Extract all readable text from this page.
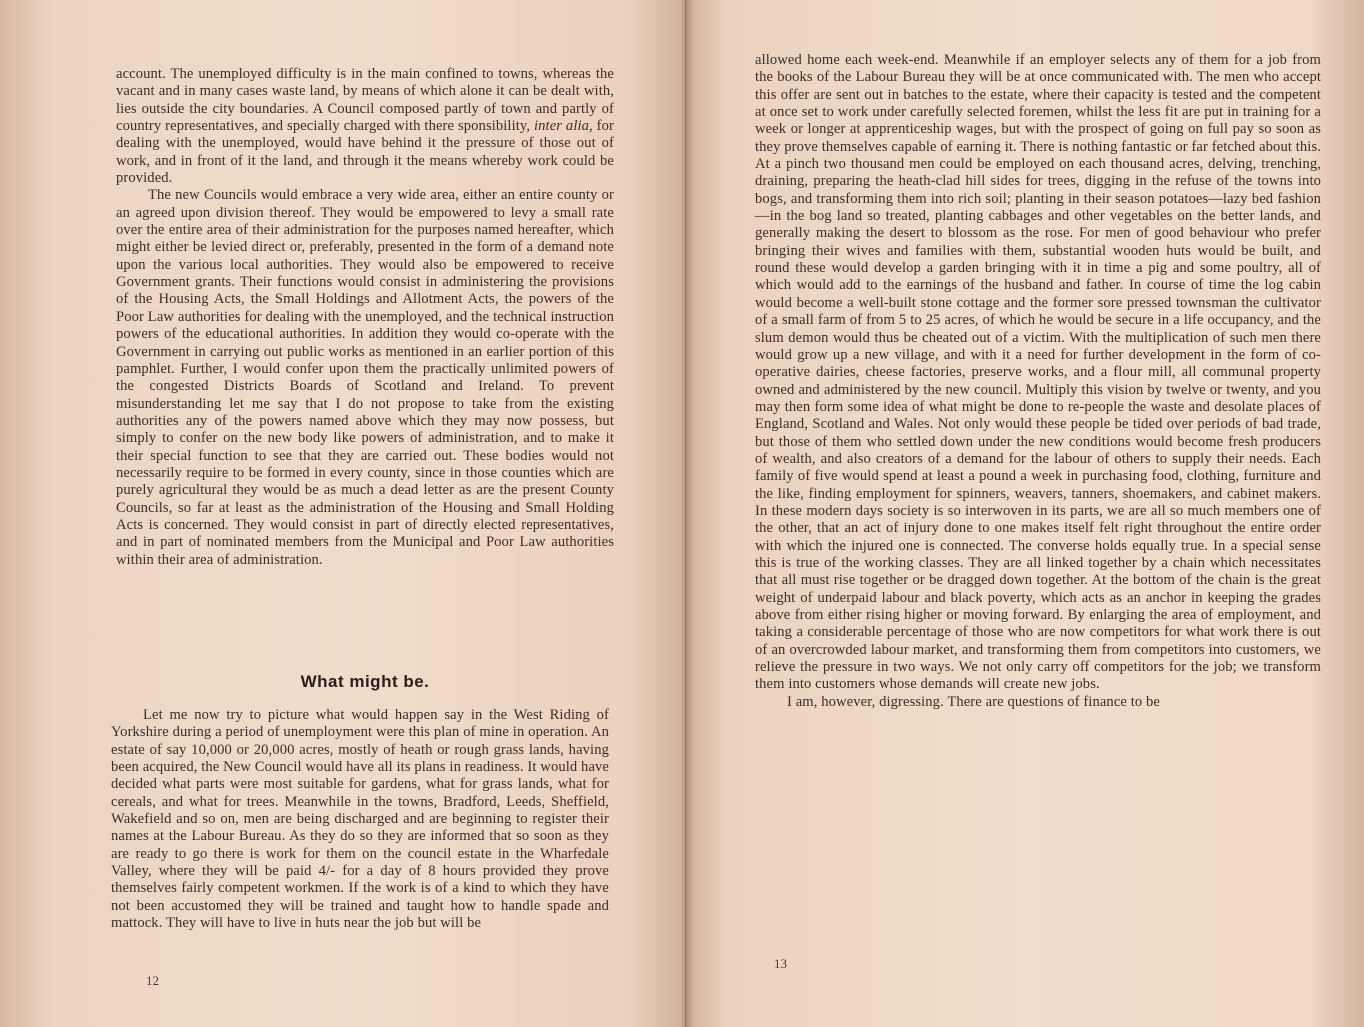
account. The unemployed difficulty is in the main confined to towns, whereas the vacant and in many cases waste land, by means of which alone it can be dealt with, lies outside the city boundaries. A Council composed partly of town and partly of country representatives, and specially charged with there sponsibility, inter alia, for dealing with the unemployed, would have behind it the pressure of those out of work, and in front of it the land, and through it the means whereby work could be provided.

The new Councils would embrace a very wide area, either an entire county or an agreed upon division thereof. They would be empowered to levy a small rate over the entire area of their administration for the purposes named hereafter, which might either be levied direct or, preferably, presented in the form of a demand note upon the various local authorities. They would also be empowered to receive Government grants. Their functions would consist in administering the provisions of the Housing Acts, the Small Holdings and Allotment Acts, the powers of the Poor Law authorities for dealing with the unemployed, and the technical instruction powers of the educational authorities. In addition they would co-operate with the Government in carrying out public works as mentioned in an earlier portion of this pamphlet. Further, I would confer upon them the practically unlimited powers of the congested Districts Boards of Scotland and Ireland. To prevent misunderstanding let me say that I do not propose to take from the existing authorities any of the powers named above which they may now possess, but simply to confer on the new body like powers of administration, and to make it their special function to see that they are carried out. These bodies would not necessarily require to be formed in every county, since in those counties which are purely agricultural they would be as much a dead letter as are the present County Councils, so far at least as the administration of the Housing and Small Holding Acts is concerned. They would consist in part of directly elected representatives, and in part of nominated members from the Municipal and Poor Law authorities within their area of administration.

What might be.

Let me now try to picture what would happen say in the West Riding of Yorkshire during a period of unemployment were this plan of mine in operation. An estate of say 10,000 or 20,000 acres, mostly of heath or rough grass lands, having been acquired, the New Council would have all its plans in readiness. It would have decided what parts were most suitable for gardens, what for grass lands, what for cereals, and what for trees. Meanwhile in the towns, Bradford, Leeds, Sheffield, Wakefield and so on, men are being discharged and are beginning to register their names at the Labour Bureau. As they do so they are informed that so soon as they are ready to go there is work for them on the council estate in the Wharfedale Valley, where they will be paid 4/- for a day of 8 hours provided they prove themselves fairly competent workmen. If the work is of a kind to which they have not been accustomed they will be trained and taught how to handle spade and mattock. They will have to live in huts near the job but will be

12

allowed home each week-end. Meanwhile if an employer selects any of them for a job from the books of the Labour Bureau they will be at once communicated with. The men who accept this offer are sent out in batches to the estate, where their capacity is tested and the competent at once set to work under carefully selected foremen, whilst the less fit are put in training for a week or longer at apprenticeship wages, but with the prospect of going on full pay so soon as they prove themselves capable of earning it. There is nothing fantastic or far fetched about this. At a pinch two thousand men could be employed on each thousand acres, delving, trenching, draining, preparing the heath-clad hill sides for trees, digging in the refuse of the towns into bogs, and transforming them into rich soil; planting in their season potatoes—lazy bed fashion—in the bog land so treated, planting cabbages and other vegetables on the better lands, and generally making the desert to blossom as the rose. For men of good behaviour who prefer bringing their wives and families with them, substantial wooden huts would be built, and round these would develop a garden bringing with it in time a pig and some poultry, all of which would add to the earnings of the husband and father. In course of time the log cabin would become a well-built stone cottage and the former sore pressed townsman the cultivator of a small farm of from 5 to 25 acres, of which he would be secure in a life occupancy, and the slum demon would thus be cheated out of a victim. With the multiplication of such men there would grow up a new village, and with it a need for further development in the form of co-operative dairies, cheese factories, preserve works, and a flour mill, all communal property owned and administered by the new council. Multiply this vision by twelve or twenty, and you may then form some idea of what might be done to re-people the waste and desolate places of England, Scotland and Wales. Not only would these people be tided over periods of bad trade, but those of them who settled down under the new conditions would become fresh producers of wealth, and also creators of a demand for the labour of others to supply their needs. Each family of five would spend at least a pound a week in purchasing food, clothing, furniture and the like, finding employment for spinners, weavers, tanners, shoemakers, and cabinet makers. In these modern days society is so interwoven in its parts, we are all so much members one of the other, that an act of injury done to one makes itself felt right throughout the entire order with which the injured one is connected. The converse holds equally true. In a special sense this is true of the working classes. They are all linked together by a chain which necessitates that all must rise together or be dragged down together. At the bottom of the chain is the great weight of underpaid labour and black poverty, which acts as an anchor in keeping the grades above from either rising higher or moving forward. By enlarging the area of employment, and taking a considerable percentage of those who are now competitors for what work there is out of an overcrowded labour market, and transforming them from competitors into customers, we relieve the pressure in two ways. We not only carry off competitors for the job; we transform them into customers whose demands will create new jobs.

I am, however, digressing. There are questions of finance to be

13
